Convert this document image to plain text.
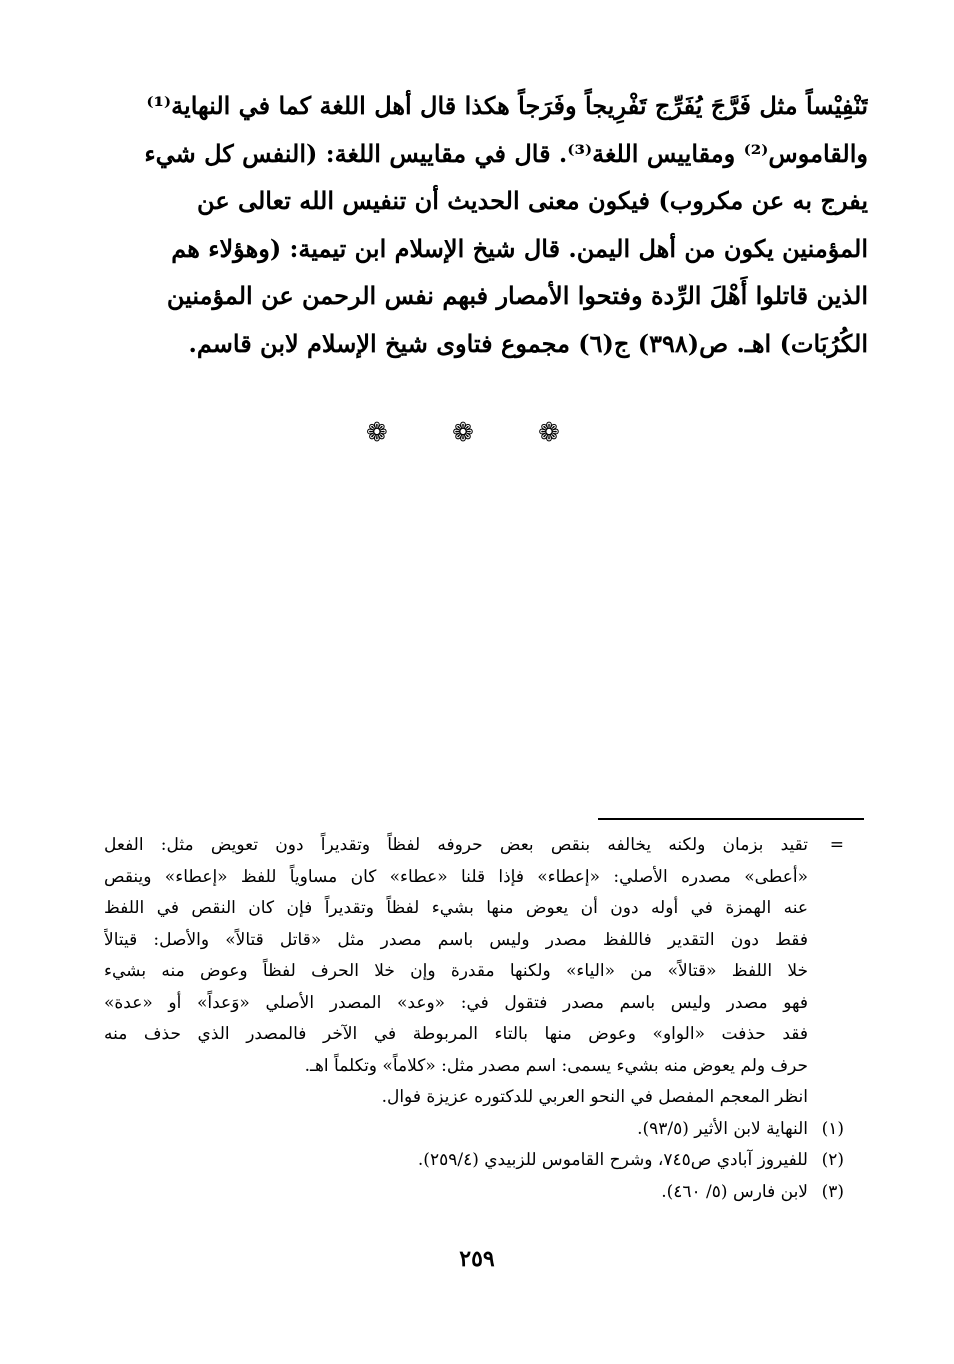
تَنْفِيْساً مثل فَرَّجَ يُفَرِّج تَفْرِيجاً وفَرَجاً هكذا قال أهل اللغة كما في النهاية⁽¹⁾
والقاموس⁽²⁾ ومقاييس اللغة⁽³⁾. قال في مقاييس اللغة: (النفس كل شيء
يفرج به عن مكروب) فيكون معنى الحديث أن تنفيس الله تعالى عن
المؤمنين يكون من أهل اليمن. قال شيخ الإسلام ابن تيمية: (وهؤلاء هم
الذين قاتلوا أَهْلَ الرِّدة وفتحوا الأمصار فبهم نفس الرحمن عن المؤمنين
الكُرُبَات) اهـ. ص(٣٩٨) ج(٦) مجموع فتاوى شيخ الإسلام لابن قاسم.
❁ ❁ ❁
=
تقيد بزمان ولكنه يخالفه بنقص بعض حروفه لفظاً وتقديراً دون تعويض مثل: الفعل
«أعطى» مصدره الأصلي: «إعطاء» فإذا قلنا «عطاء» كان مساوياً للفظ «إعطاء» وينقص
عنه الهمزة في أوله دون أن يعوض منها بشيء لفظاً وتقديراً فإن كان النقص في اللفظ
فقط دون التقدير فاللفظ مصدر وليس باسم مصدر مثل «قاتل قتالاً» والأصل: قيتالاً
خلا اللفظ «قتالاً» من «الياء» ولكنها مقدرة وإن خلا الحرف لفظاً وعوض منه بشيء
فهو مصدر وليس باسم مصدر فتقول في: «وعد» المصدر الأصلي «وَعداً» أو «عدة»
فقد حذفت «الواو» وعوض منها بالتاء المربوطة في الآخر فالمصدر الذي حذف منه
حرف ولم يعوض منه بشيء يسمى: اسم مصدر مثل: «كلاماً» وتكلماً اهـ.
انظر المعجم المفصل في النحو العربي للدكتوره عزيزة فوال.
(١)
النهاية لابن الأثير (٩٣/٥).
(٢)
للفيروز آبادي ص٧٤٥، وشرح القاموس للزبيدي (٢٥٩/٤).
(٣)
لابن فارس (٥/ ٤٦٠).
٢٥٩
